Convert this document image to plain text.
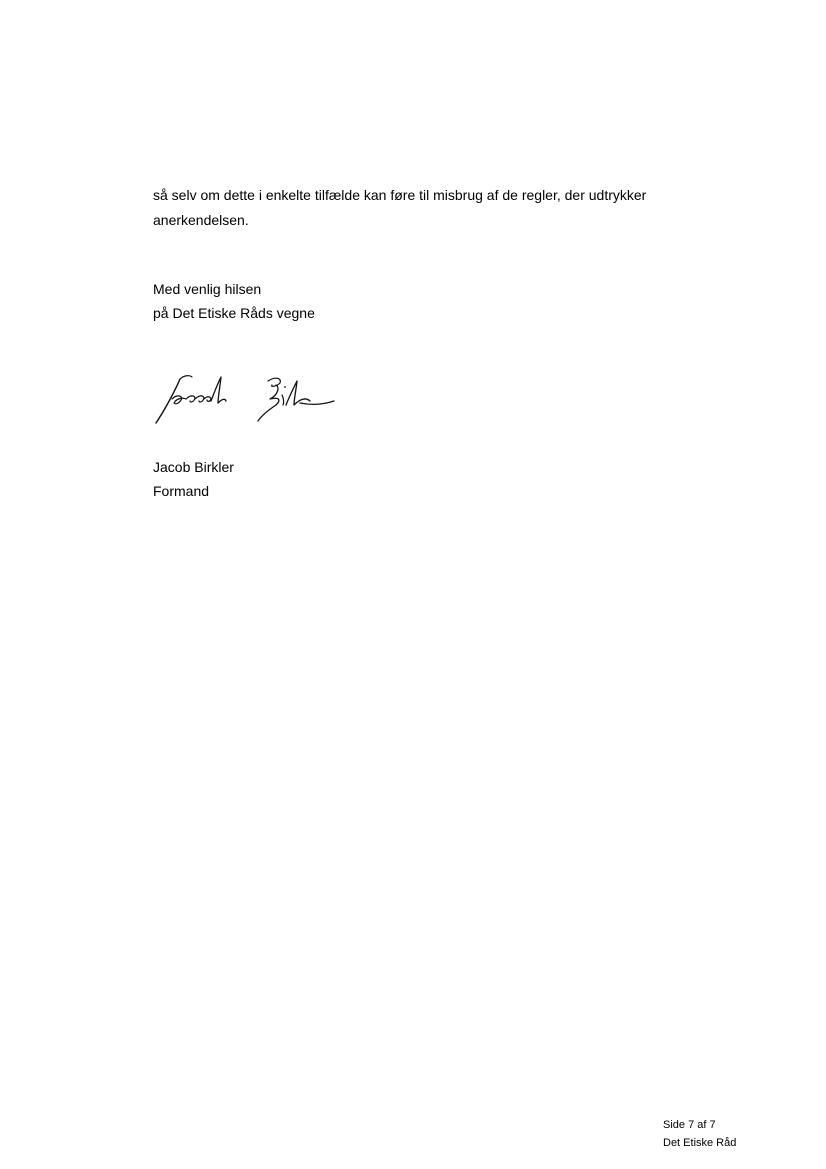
så selv om dette i enkelte tilfælde kan føre til misbrug af de regler, der udtrykker

anerkendelsen.

Med venlig hilsen
på Det Etiske Råds vegne
Jacob Birkler
Formand
Side 7 af 7
Det Etiske Råd
